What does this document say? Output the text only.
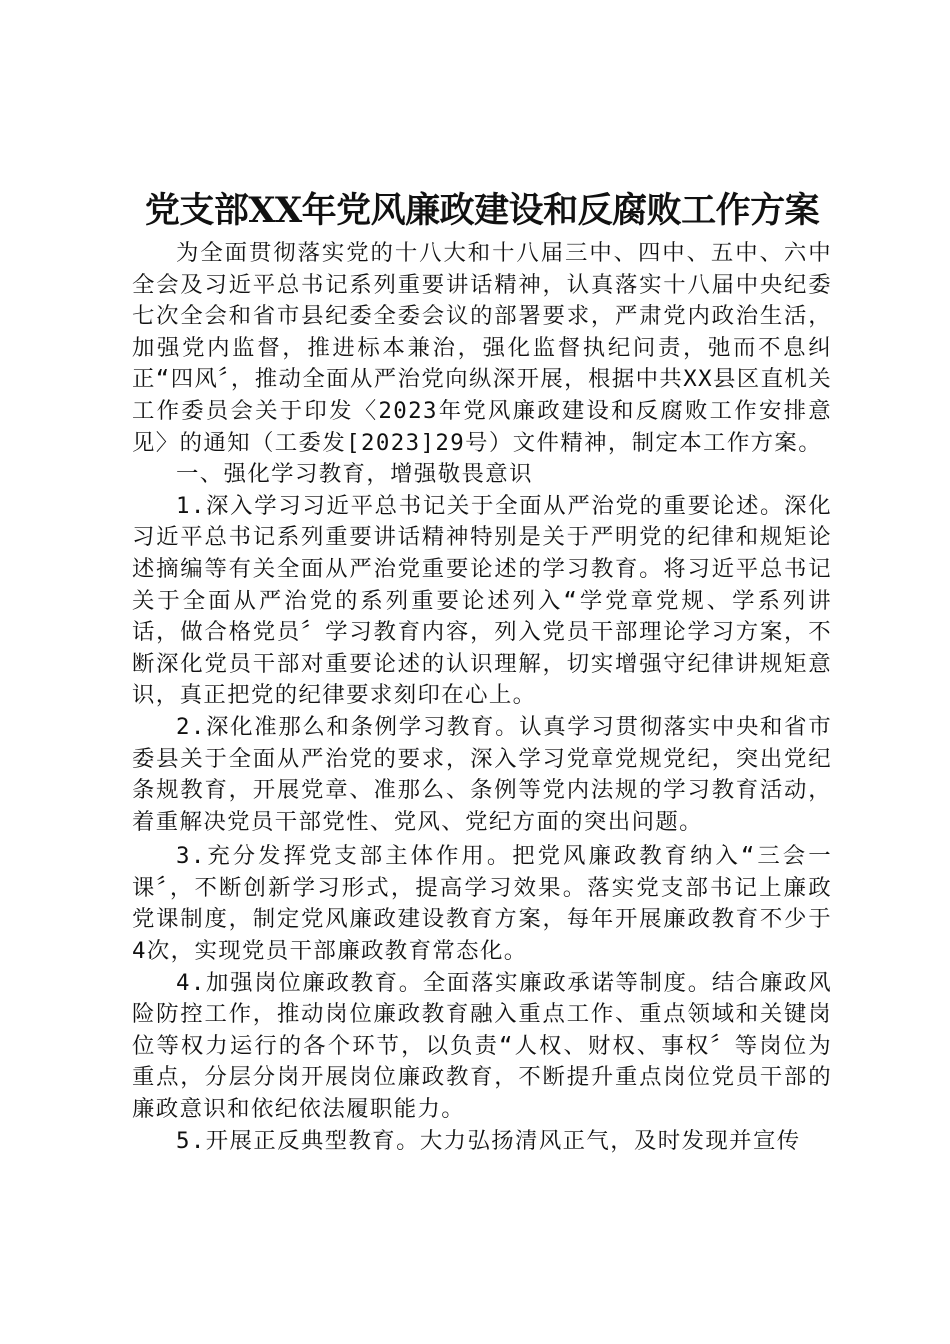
党支部XX年党风廉政建设和反腐败工作方案

为全面贯彻落实党的十八大和十八届三中、四中、五中、六中全会及习近平总书记系列重要讲话精神，认真落实十八届中央纪委七次全会和省市县纪委全委会议的部署要求，严肃党内政治生活，加强党内监督，推进标本兼治，强化监督执纪问责，弛而不息纠正“四风〞，推动全面从严治党向纵深开展，根据中共XX县区直机关工作委员会关于印发〈2023年党风廉政建设和反腐败工作安排意见〉的通知（工委发[2023]29号）文件精神，制定本工作方案。

一、强化学习教育，增强敬畏意识

1.深入学习习近平总书记关于全面从严治党的重要论述。深化习近平总书记系列重要讲话精神特别是关于严明党的纪律和规矩论述摘编等有关全面从严治党重要论述的学习教育。将习近平总书记关于全面从严治党的系列重要论述列入“学党章党规、学系列讲话，做合格党员〞学习教育内容，列入党员干部理论学习方案，不断深化党员干部对重要论述的认识理解，切实增强守纪律讲规矩意识，真正把党的纪律要求刻印在心上。

2.深化准那么和条例学习教育。认真学习贯彻落实中央和省市委县关于全面从严治党的要求，深入学习党章党规党纪，突出党纪条规教育，开展党章、准那么、条例等党内法规的学习教育活动，着重解决党员干部党性、党风、党纪方面的突出问题。

3.充分发挥党支部主体作用。把党风廉政教育纳入“三会一课〞，不断创新学习形式，提高学习效果。落实党支部书记上廉政党课制度，制定党风廉政建设教育方案，每年开展廉政教育不少于4次，实现党员干部廉政教育常态化。

4.加强岗位廉政教育。全面落实廉政承诺等制度。结合廉政风险防控工作，推动岗位廉政教育融入重点工作、重点领域和关键岗位等权力运行的各个环节，以负责“人权、财权、事权〞等岗位为重点，分层分岗开展岗位廉政教育，不断提升重点岗位党员干部的廉政意识和依纪依法履职能力。

5.开展正反典型教育。大力弘扬清风正气，及时发现并宣传
